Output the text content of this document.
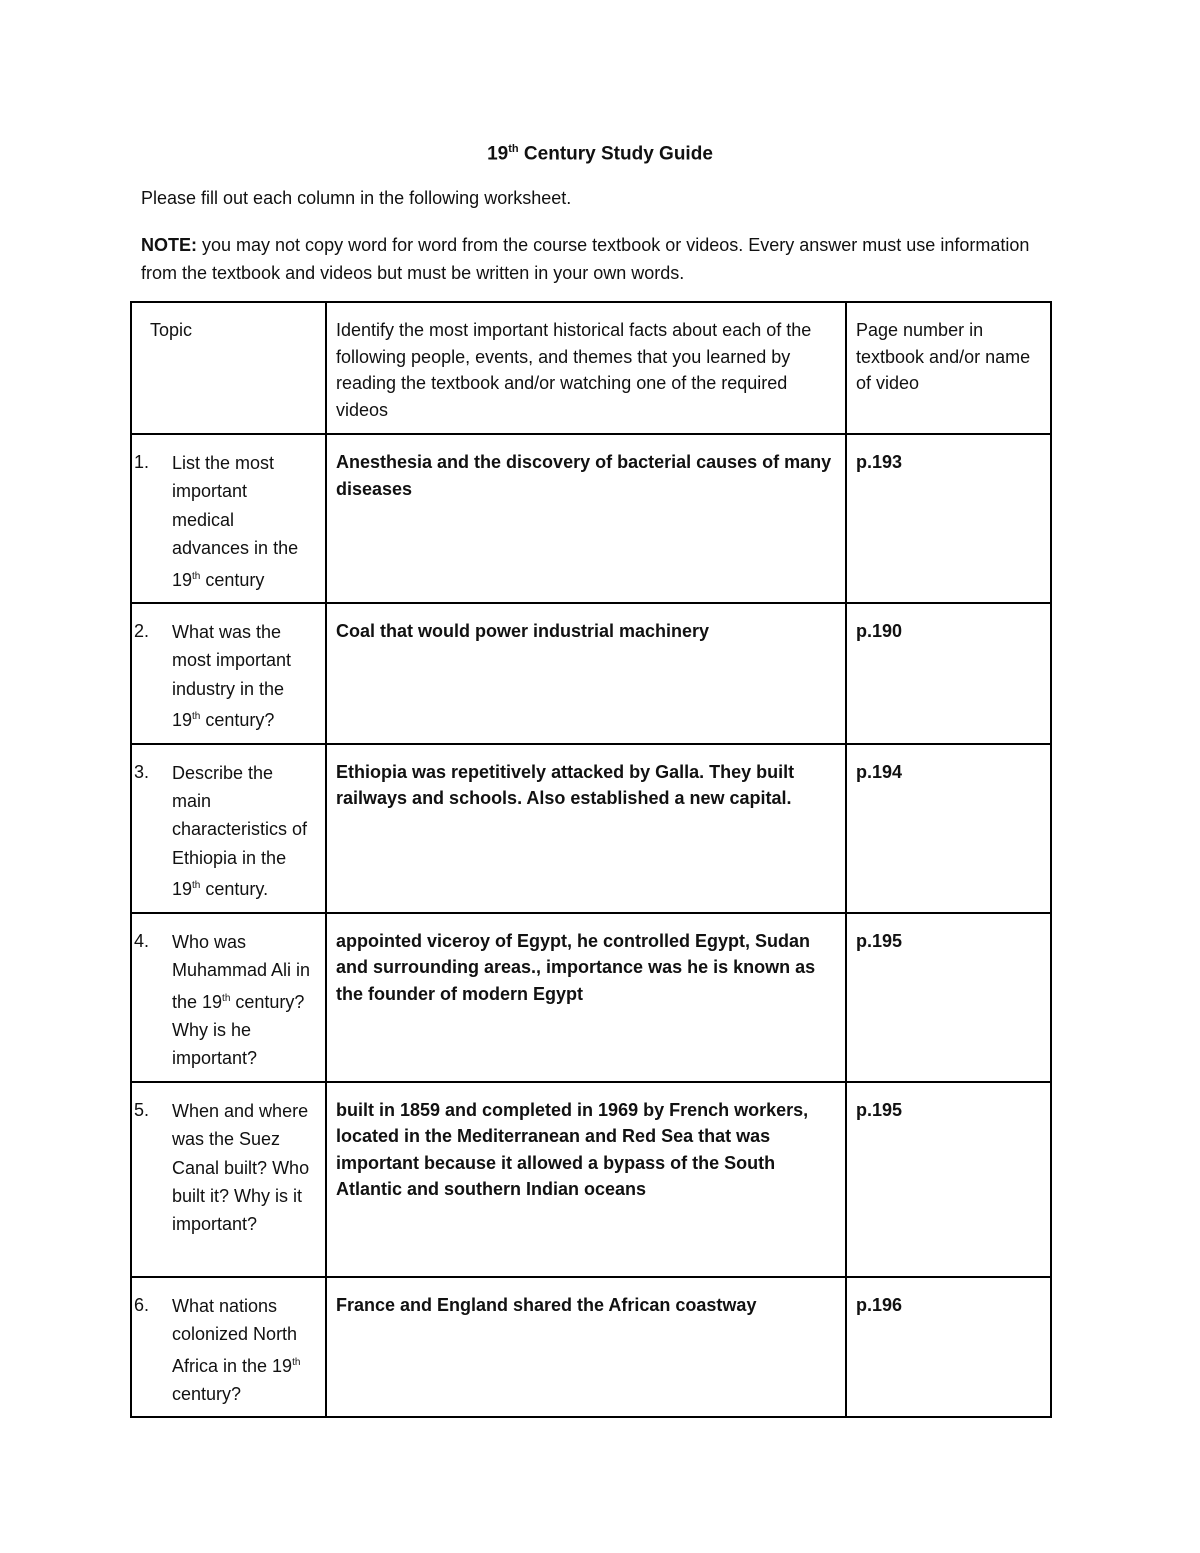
19th Century Study Guide
Please fill out each column in the following worksheet.
NOTE: you may not copy word for word from the course textbook or videos. Every answer must use information from the textbook and videos but must be written in your own words.
Topic	Identify the most important historical facts about each of the following people, events, and themes that you learned by reading the textbook and/or watching one of the required videos	Page number in textbook and/or name of video
1. List the most important medical advances in the 19th century	Anesthesia and the discovery of bacterial causes of many diseases	p.193
2. What was the most important industry in the 19th century?	Coal that would power industrial machinery	p.190
3. Describe the main characteristics of Ethiopia in the 19th century.	Ethiopia was repetitively attacked by Galla. They built railways and schools. Also established a new capital.	p.194
4. Who was Muhammad Ali in the 19th century? Why is he important?	appointed viceroy of Egypt, he controlled Egypt, Sudan and surrounding areas., importance was he is known as the founder of modern Egypt	p.195
5. When and where was the Suez Canal built? Who built it? Why is it important?	built in 1859 and completed in 1969 by French workers, located in the Mediterranean and Red Sea that was important because it allowed a bypass of the South Atlantic and southern Indian oceans	p.195
6. What nations colonized North Africa in the 19th century?	France and England shared the African coastway	p.196
